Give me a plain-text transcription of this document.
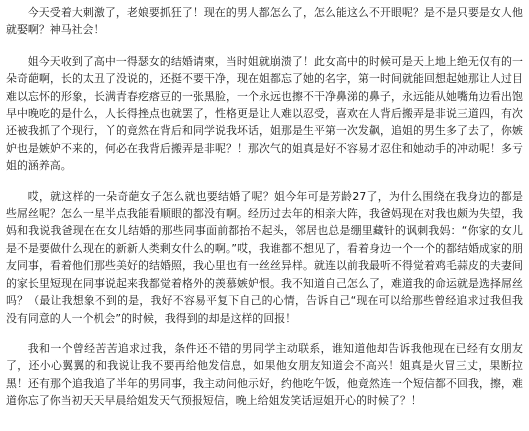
今天受着大刺激了，老娘要抓狂了！现在的男人都怎么了，怎么能这么不开眼呢？是不是只要是女人他就娶啊？神马社会！

姐今天收到了高中一得瑟女的结婚请柬，当时姐就崩溃了！此女高中的时候可是天上地上绝无仅有的一朵奇葩啊，长的太丑了没说的，还挺不要干净，现在姐都忘了她的名字，第一时间就能回想起她那让人过目难以忘怀的形象，长满青春疙瘩豆的一张黑脸，一个永远也擦不干净鼻涕的鼻子，永远能从她嘴角边看出饱早中晚吃的是什么，人长得挫点也就罢了，性格更是让人难以忍受，喜欢在人背后搬弄是非说三道四，有次还被我抓了个现行，丫的竟然在背后和同学说我坏话，姐那是生平第一次发飙，追姐的男生多了去了，你嫉妒也是嫉妒不来的，何必在我背后搬弄是非呢？！那次气的姐真是好不容易才忍住和她动手的冲动呢！多亏姐的涵养高。

哎，就这样的一朵奇葩女子怎么就也要结婚了呢？姐今年可是芳龄27了，为什么围绕在我身边的都是些屌丝呢？怎么一星半点我能看顺眼的都没有啊。经历过去年的相亲大阵，我爸妈现在对我也颇为失望，我妈和我说我爸现在在女儿结婚的那些同事面前都抬不起头，邻居也总是绷里藏针的讽刺我妈：“你家的女儿是不是要做什么现在的新新人类剩女什么的啊。”哎，我谁都不想见了，看着身边一个一个的都结婚成家的朋友同事，看着他们那些美好的结婚照，我心里也有一丝丝异样。就连以前我最听不得觉着鸡毛蒜皮的夫妻间的家长里短现在同事说起来我都觉着格外的羡慕嫉妒恨。我不知道自己怎么了，难道我的命运就是选择屌丝吗？（最让我想象不到的是，我好不容易平复下自己的心情，告诉自己“现在可以给那些曾经追求过我但我没有同意的人一个机会”的时候，我得到的却是这样的回报！

我和一个曾经苦苦追求过我，条件还不错的男同学主动联系，谁知道他却告诉我他现在已经有女朋友了，还小心翼翼的和我说让我不要再给他发信息，如果他女朋友知道会不高兴！姐真是火冒三丈，果断拉黑！还有那个追我追了半年的男同事，我主动问他示好，约他吃午饭，他竟然连一个短信都不回我，擦，难道你忘了你当初天天早晨给姐发天气预报短信，晚上给姐发笑话逗姐开心的时候了？！
